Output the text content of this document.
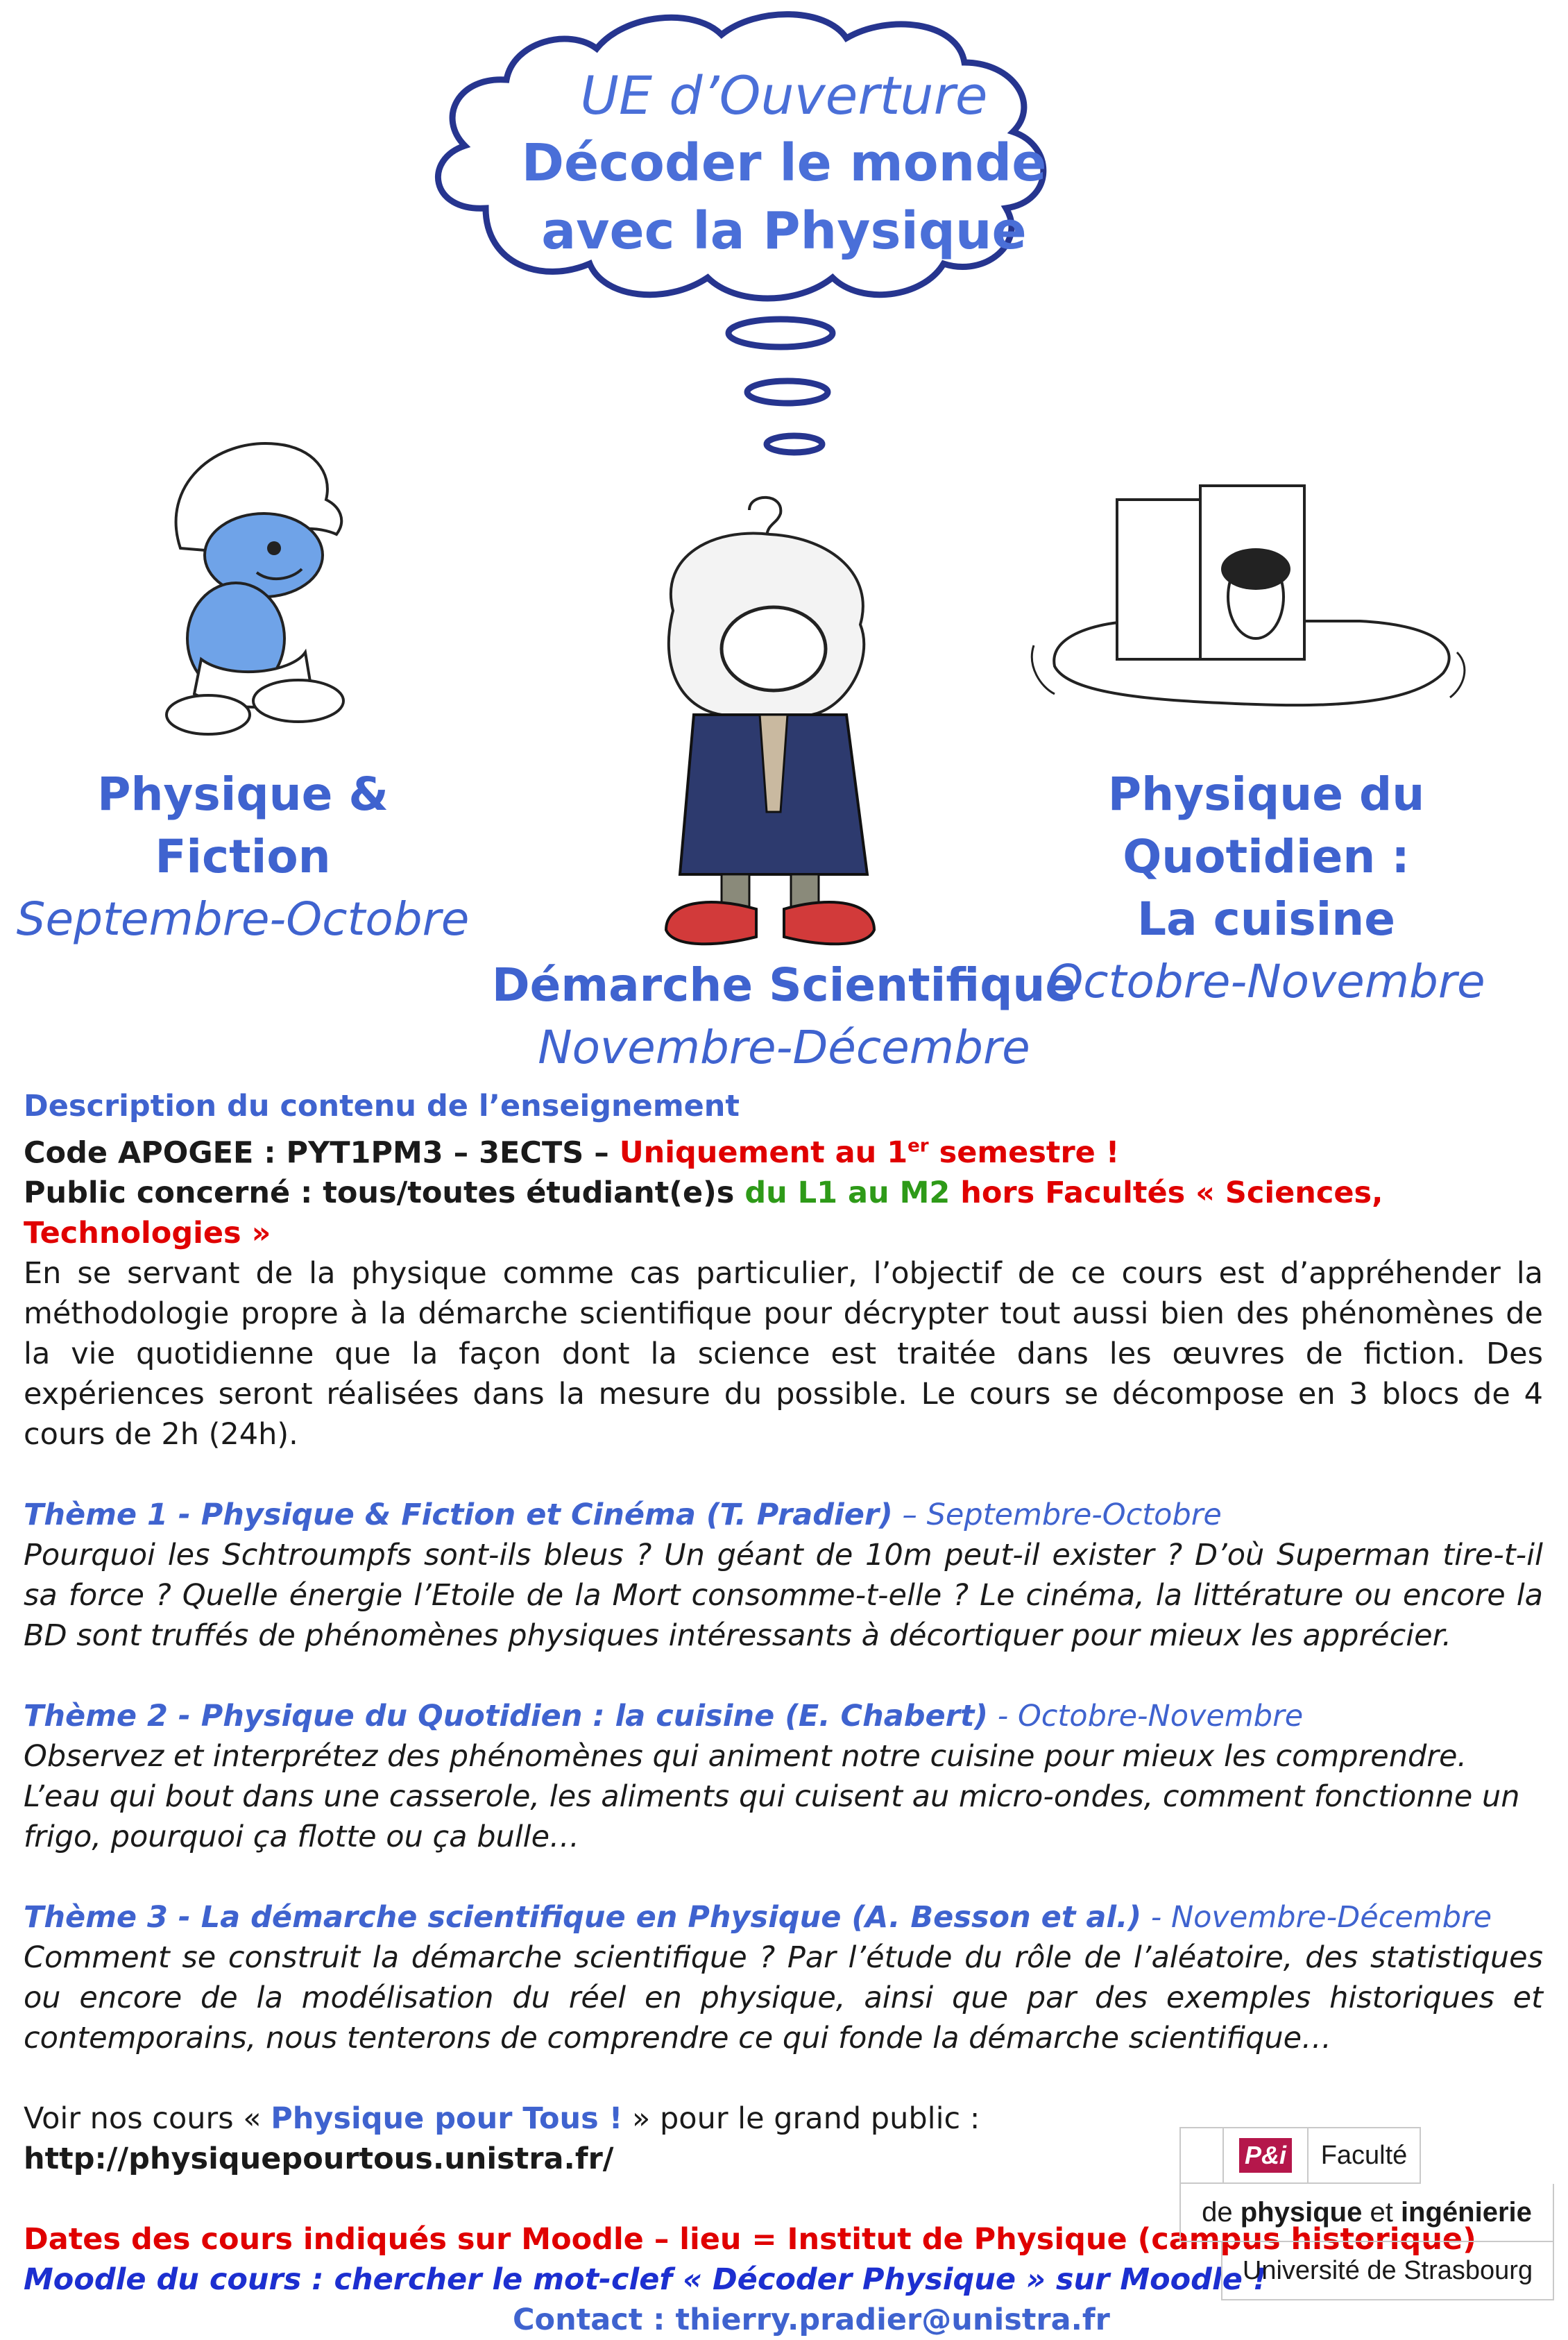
UE d’Ouverture
Décoder le monde
avec la Physique
Physique & Fiction
Septembre-Octobre
Physique du Quotidien :
La cuisine
Octobre-Novembre
Démarche Scientifique
Novembre-Décembre

Description du contenu de l’enseignement

Code APOGEE : PYT1PM3 – 3ECTS – Uniquement au 1er semestre !

Public concerné : tous/toutes étudiant(e)s du L1 au M2 hors Facultés « Sciences, Technologies »

En se servant de la physique comme cas particulier, l’objectif de ce cours est d’appréhender la méthodologie propre à la démarche scientifique pour décrypter tout aussi bien des phénomènes de la vie quotidienne que la façon dont la science est traitée dans les œuvres de fiction. Des expériences seront réalisées dans la mesure du possible. Le cours se décompose en 3 blocs de 4 cours de 2h (24h).

Thème 1 - Physique & Fiction et Cinéma (T. Pradier) – Septembre-Octobre

Pourquoi les Schtroumpfs sont-ils bleus ? Un géant de 10m peut-il exister ? D’où Superman tire-t-il sa force ? Quelle énergie l’Etoile de la Mort consomme-t-elle ? Le cinéma, la littérature ou encore la BD sont truffés de phénomènes physiques intéressants à décortiquer pour mieux les apprécier.

Thème 2 - Physique du Quotidien : la cuisine (E. Chabert) - Octobre-Novembre

Observez et interprétez des phénomènes qui animent notre cuisine pour mieux les comprendre. L’eau qui bout dans une casserole, les aliments qui cuisent au micro-ondes, comment fonctionne un frigo, pourquoi ça flotte ou ça bulle…

Thème 3 - La démarche scientifique en Physique (A. Besson et al.) - Novembre-Décembre

Comment se construit la démarche scientifique ? Par l’étude du rôle de l’aléatoire, des statistiques ou encore de la modélisation du réel en physique, ainsi que par des exemples historiques et contemporains, nous tenterons de comprendre ce qui fonde la démarche scientifique…

Voir nos cours « Physique pour Tous ! » pour le grand public : http://physiquepourtous.unistra.fr/

Dates des cours indiqués sur Moodle – lieu = Institut de Physique (campus historique)

Moodle du cours : chercher le mot-clef « Décoder Physique » sur Moodle !

Contact : thierry.pradier@unistra.fr

P&i	Faculté
de
physique
et
ingénierie
Université de Strasbourg
